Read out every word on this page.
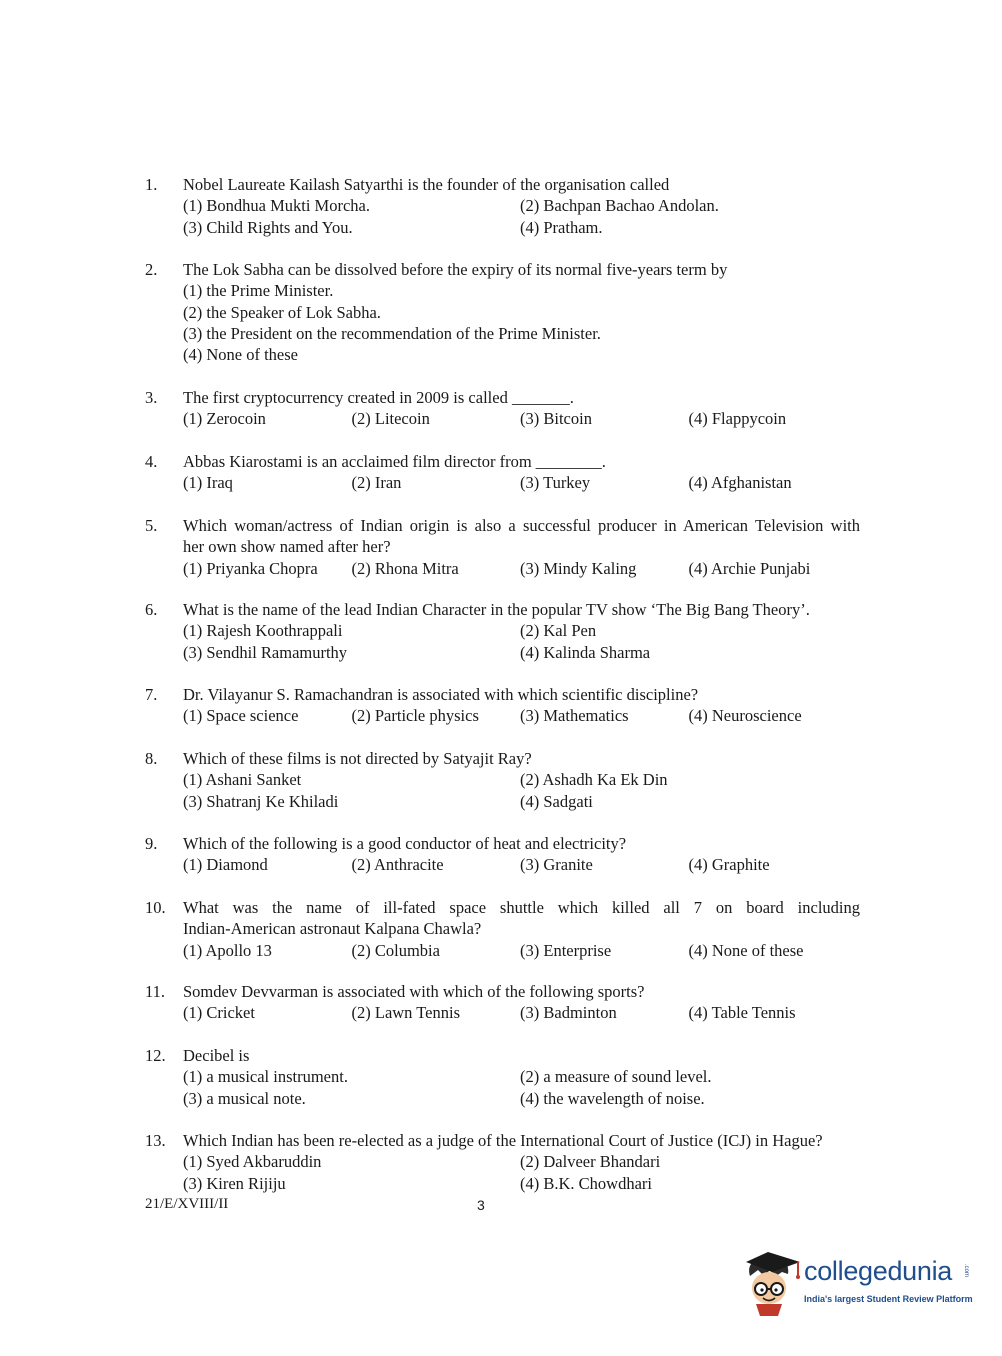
1.	Nobel Laureate Kailash Satyarthi is the founder of the organisation called
(1) Bondhua Mukti Morcha.	(2) Bachpan Bachao Andolan.
(3) Child Rights and You.	(4) Pratham.
2.	The Lok Sabha can be dissolved before the expiry of its normal five-years term by
(1) the Prime Minister.
(2) the Speaker of Lok Sabha.
(3) the President on the recommendation of the Prime Minister.
(4) None of these
3.	The first cryptocurrency created in 2009 is called _______.
(1) Zerocoin	(2) Litecoin	(3) Bitcoin	(4) Flappycoin
4.	Abbas Kiarostami is an acclaimed film director from ________.
(1) Iraq	(2) Iran	(3) Turkey	(4) Afghanistan
5.	Which woman/actress of Indian origin is also a successful producer in American Television with
her own show named after her?
(1) Priyanka Chopra	(2) Rhona Mitra	(3) Mindy Kaling	(4) Archie Punjabi
6.	What is the name of the lead Indian Character in the popular TV show ‘The Big Bang Theory’.
(1) Rajesh Koothrappali	(2) Kal Pen
(3) Sendhil Ramamurthy	(4) Kalinda Sharma
7.	Dr. Vilayanur S. Ramachandran is associated with which scientific discipline?
(1) Space science	(2) Particle physics	(3) Mathematics	(4) Neuroscience
8.	Which of these films is not directed by Satyajit Ray?
(1) Ashani Sanket	(2) Ashadh Ka Ek Din
(3) Shatranj Ke Khiladi	(4) Sadgati
9.	Which of the following is a good conductor of heat and electricity?
(1) Diamond	(2) Anthracite	(3) Granite	(4) Graphite
10.	What was the name of ill-fated space shuttle which killed all 7 on board including
Indian-American astronaut Kalpana Chawla?
(1) Apollo 13	(2) Columbia	(3) Enterprise	(4) None of these
11.	Somdev Devvarman is associated with which of the following sports?
(1) Cricket	(2) Lawn Tennis	(3) Badminton	(4) Table Tennis
12.	Decibel is
(1) a musical instrument.	(2) a measure of sound level.
(3) a musical note.	(4) the wavelength of noise.
13.	Which Indian has been re-elected as a judge of the International Court of Justice (ICJ) in Hague?
(1) Syed Akbaruddin	(2) Dalveer Bhandari
(3) Kiren Rijiju	(4) B.K. Chowdhari
21/E/XVIII/II	3
collegedunia .com
India's largest Student Review Platform
